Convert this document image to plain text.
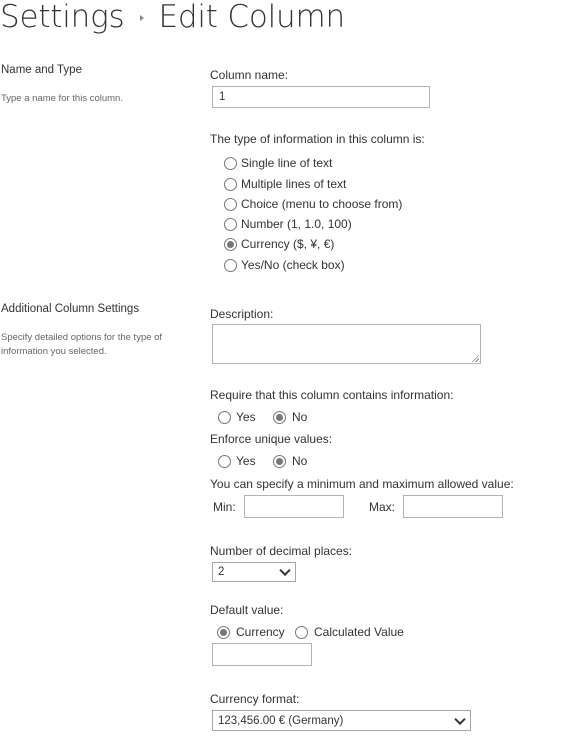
Settings Edit Column
Name and Type
Type a name for this column.
Column name:
1
The type of information in this column is:
Single line of text
Multiple lines of text
Choice (menu to choose from)
Number (1, 1.0, 100)
Currency ($, ¥, €)
Yes/No (check box)
Additional Column Settings
Specify detailed options for the type of information you selected.
Description:
Require that this column contains information:
Yes	No
Enforce unique values:
Yes	No
You can specify a minimum and maximum allowed value:
Min:	Max:
Number of decimal places:
2
Default value:
Currency Calculated Value
Currency format:
123,456.00 € (Germany)
